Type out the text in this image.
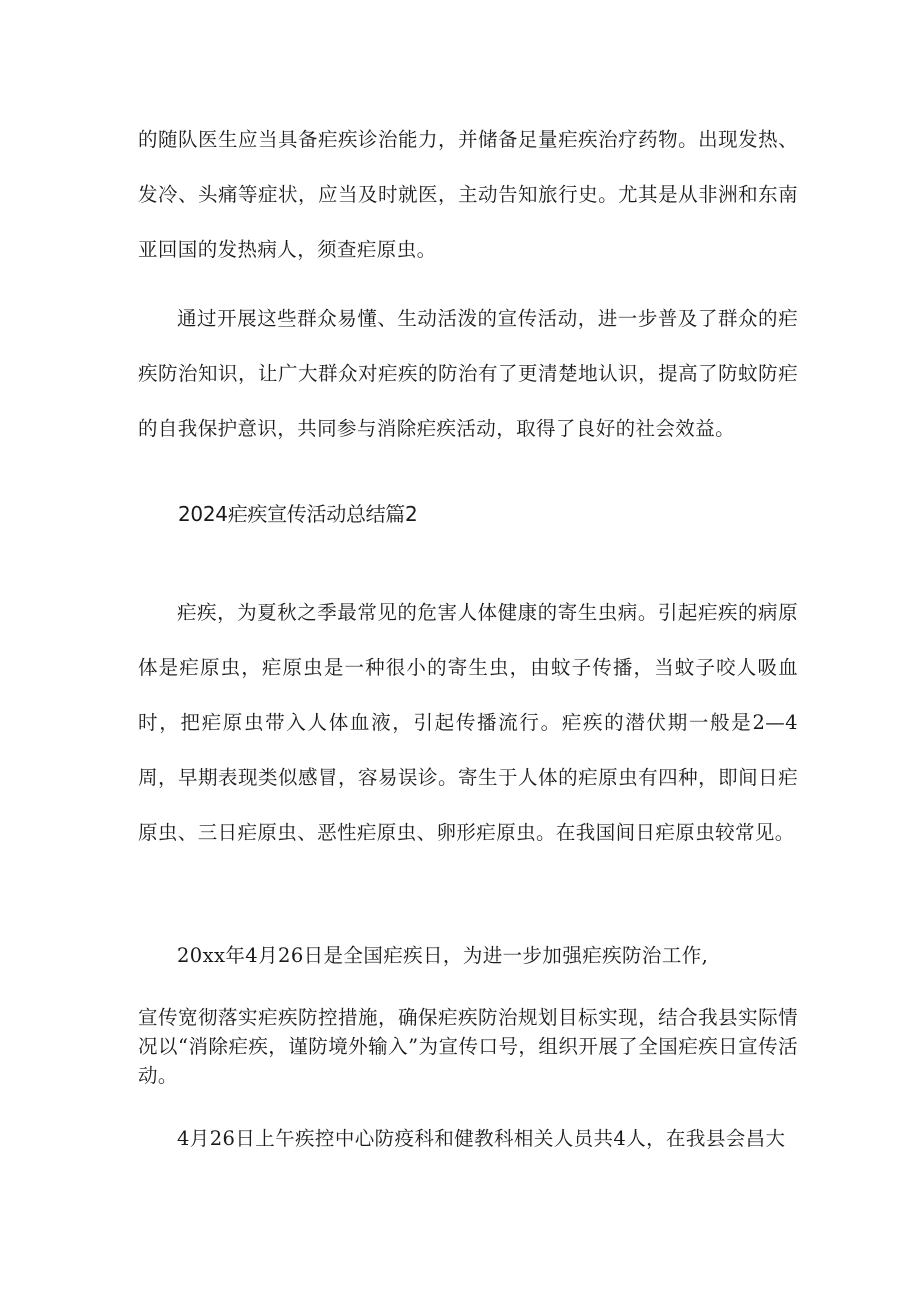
的随队医生应当具备疟疾诊治能力，并储备足量疟疾治疗药物。出现发热、发冷、头痛等症状，应当及时就医，主动告知旅行史。尤其是从非洲和东南亚回国的发热病人，须查疟原虫。

通过开展这些群众易懂、生动活泼的宣传活动，进一步普及了群众的疟疾防治知识，让广大群众对疟疾的防治有了更清楚地认识，提高了防蚊防疟的自我保护意识，共同参与消除疟疾活动，取得了良好的社会效益。

2024疟疾宣传活动总结篇2

疟疾，为夏秋之季最常见的危害人体健康的寄生虫病。引起疟疾的病原体是疟原虫，疟原虫是一种很小的寄生虫，由蚊子传播，当蚊子咬人吸血时，把疟原虫带入人体血液，引起传播流行。疟疾的潜伏期一般是2—4周，早期表现类似感冒，容易误诊。寄生于人体的疟原虫有四种，即间日疟原虫、三日疟原虫、恶性疟原虫、卵形疟原虫。在我国间日疟原虫较常见。

20xx年4月26日是全国疟疾日，为进一步加强疟疾防治工作,

宣传宽彻落实疟疾防控措施，确保疟疾防治规划目标实现，结合我县实际情况以“消除疟疾，谨防境外输入”为宣传口号，组织开展了全国疟疾日宣传活动。

4月26日上午疾控中心防疫科和健教科相关人员共4人，在我县会昌大
